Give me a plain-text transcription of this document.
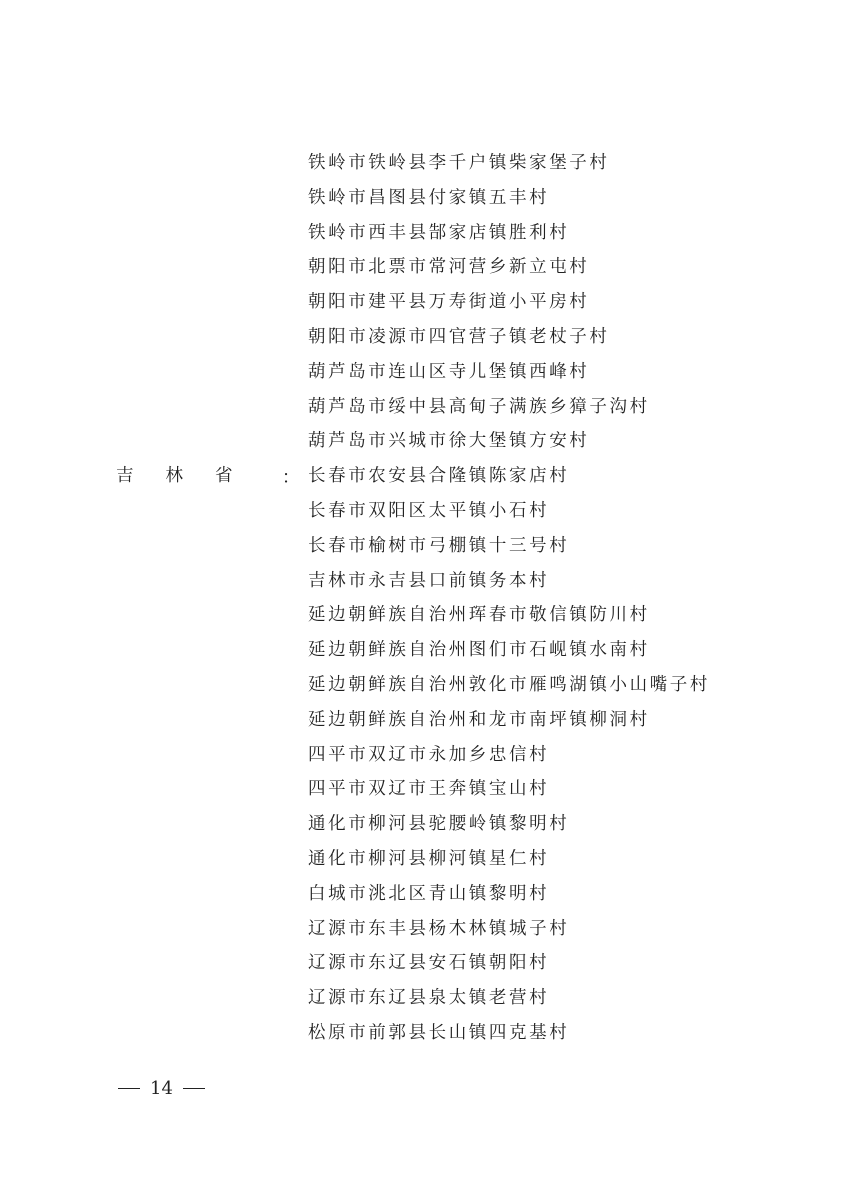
吉林省 ：
铁岭市铁岭县李千户镇柴家堡子村
铁岭市昌图县付家镇五丰村
铁岭市西丰县郜家店镇胜利村
朝阳市北票市常河营乡新立屯村
朝阳市建平县万寿街道小平房村
朝阳市凌源市四官营子镇老杖子村
葫芦岛市连山区寺儿堡镇西峰村
葫芦岛市绥中县高甸子满族乡獐子沟村
葫芦岛市兴城市徐大堡镇方安村
长春市农安县合隆镇陈家店村
长春市双阳区太平镇小石村
长春市榆树市弓棚镇十三号村
吉林市永吉县口前镇务本村
延边朝鲜族自治州珲春市敬信镇防川村
延边朝鲜族自治州图们市石岘镇水南村
延边朝鲜族自治州敦化市雁鸣湖镇小山嘴子村
延边朝鲜族自治州和龙市南坪镇柳洞村
四平市双辽市永加乡忠信村
四平市双辽市王奔镇宝山村
通化市柳河县驼腰岭镇黎明村
通化市柳河县柳河镇星仁村
白城市洮北区青山镇黎明村
辽源市东丰县杨木林镇城子村
辽源市东辽县安石镇朝阳村
辽源市东辽县泉太镇老营村
松原市前郭县长山镇四克基村
14
